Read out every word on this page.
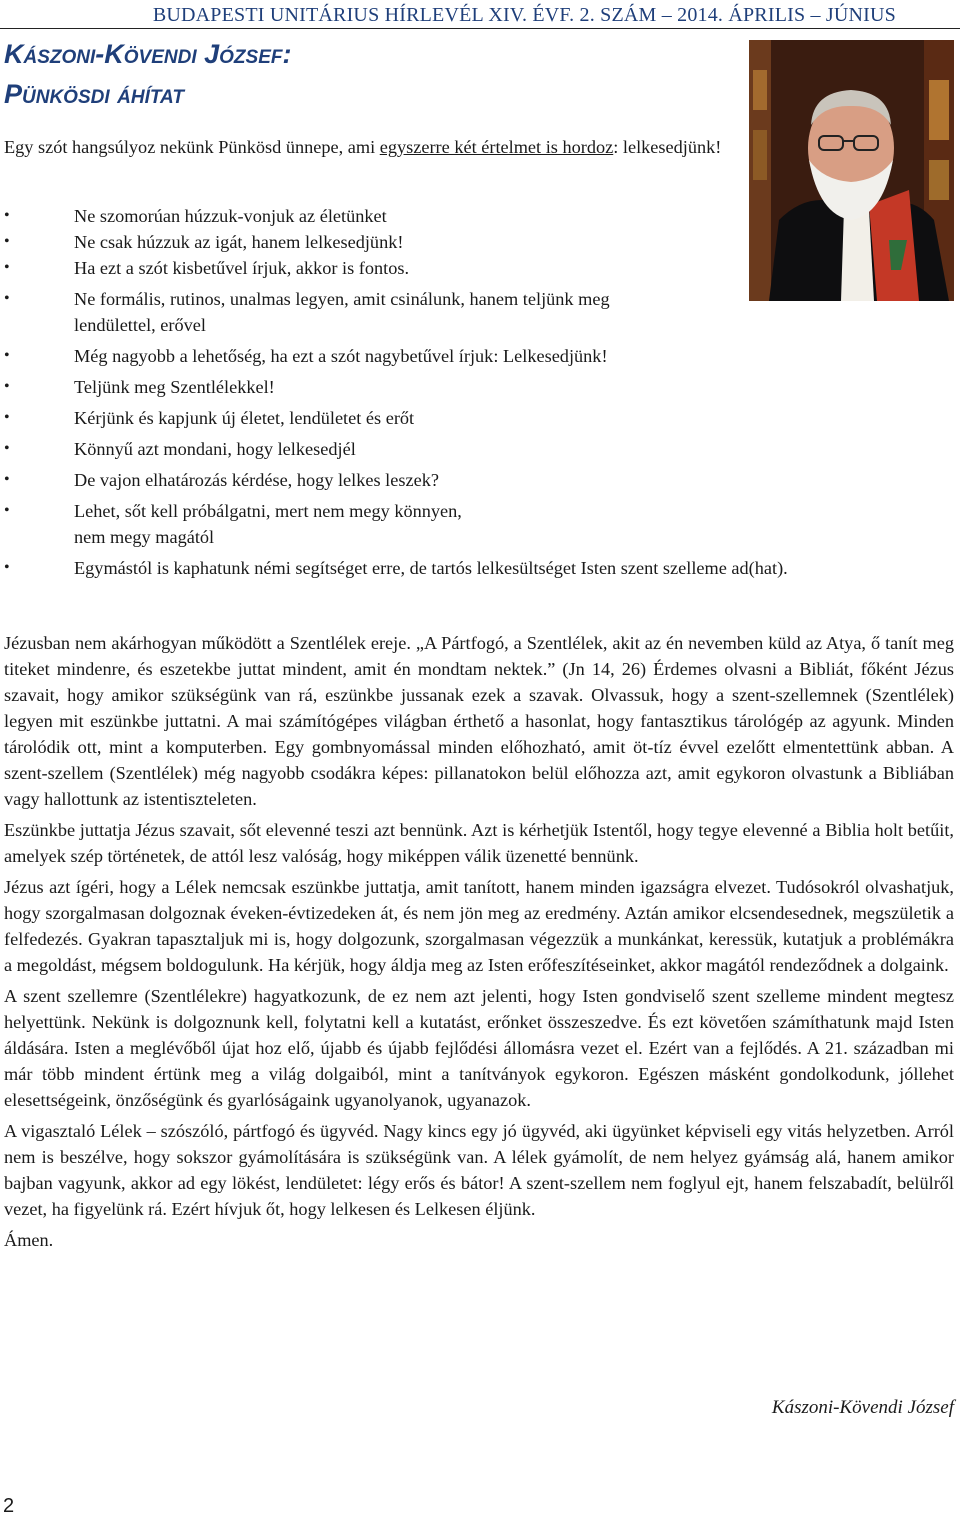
BUDAPESTI UNITÁRIUS HÍRLEVÉL XIV. ÉVF. 2. SZÁM – 2014. ÁPRILIS – JÚNIUS
Kászoni-Kövendi József:
Pünkösdi áhítat
Egy szót hangsúlyoz nekünk Pünkösd ünnepe, ami egyszerre két értelmet is hordoz: lelkesedjünk!
• Ne szomorúan húzzuk-vonjuk az életünket
• Ne csak húzzuk az igát, hanem lelkesedjünk!
• Ha ezt a szót kisbetűvel írjuk, akkor is fontos.
• Ne formális, rutinos, unalmas legyen, amit csinálunk, hanem teljünk meg lendülettel, erővel
• Még nagyobb a lehetőség, ha ezt a szót nagybetűvel írjuk: Lelkesedjünk!
• Teljünk meg Szentlélekkel!
• Kérjünk és kapjunk új életet, lendületet és erőt
• Könnyű azt mondani, hogy lelkesedjél
• De vajon elhatározás kérdése, hogy lelkes leszek?
• Lehet, sőt kell próbálgatni, mert nem megy könnyen, nem megy magától
• Egymástól is kaphatunk némi segítséget erre, de tartós lelkesültséget Isten szent szelleme ad(hat).

Jézusban nem akárhogyan működött a Szentlélek ereje. „A Pártfogó, a Szentlélek, akit az én nevemben küld az Atya, ő tanít meg titeket mindenre, és eszetekbe juttat mindent, amit én mondtam nektek.” (Jn 14, 26) Érdemes olvasni a Bibliát, főként Jézus szavait, hogy amikor szükségünk van rá, eszünkbe jussanak ezek a szavak. Olvassuk, hogy a szent-szellemnek (Szentlélek) legyen mit eszünkbe juttatni. A mai számítógépes világban érthető a hasonlat, hogy fantasztikus tárológép az agyunk. Minden tárolódik ott, mint a komputerben. Egy gombnyomással minden előhozható, amit öt-tíz évvel ezelőtt elmentettünk abban. A szent-szellem (Szentlélek) még nagyobb csodákra képes: pillanatokon belül előhozza azt, amit egykoron olvastunk a Bibliában vagy hallottunk az istentiszteleten.

Eszünkbe juttatja Jézus szavait, sőt elevenné teszi azt bennünk. Azt is kérhetjük Istentől, hogy tegye elevenné a Biblia holt betűit, amelyek szép történetek, de attól lesz valóság, hogy miképpen válik üzenetté bennünk.

Jézus azt ígéri, hogy a Lélek nemcsak eszünkbe juttatja, amit tanított, hanem minden igazságra elvezet. Tudósokról olvashatjuk, hogy szorgalmasan dolgoznak éveken-évtizedeken át, és nem jön meg az eredmény. Aztán amikor elcsendesednek, megszületik a felfedezés. Gyakran tapasztaljuk mi is, hogy dolgozunk, szorgalmasan végezzük a munkánkat, keressük, kutatjuk a problémákra a megoldást, mégsem boldogulunk. Ha kérjük, hogy áldja meg az Isten erőfeszítéseinket, akkor magától rendeződnek a dolgaink.

A szent szellemre (Szentlélekre) hagyatkozunk, de ez nem azt jelenti, hogy Isten gondviselő szent szelleme mindent megtesz helyettünk. Nekünk is dolgoznunk kell, folytatni kell a kutatást, erőnket összeszedve. És ezt követően számíthatunk majd Isten áldására. Isten a meglévőből újat hoz elő, újabb és újabb fejlődési állomásra vezet el. Ezért van a fejlődés. A 21. században mi már több mindent értünk meg a világ dolgaiból, mint a tanítványok egykoron. Egészen másként gondolkodunk, jóllehet elesettségeink, önzőségünk és gyarlóságaink ugyanolyanok, ugyanazok.

A vigasztaló Lélek – szószóló, pártfogó és ügyvéd. Nagy kincs egy jó ügyvéd, aki ügyünket képviseli egy vitás helyzetben. Arról nem is beszélve, hogy sokszor gyámolítására is szükségünk van. A lélek gyámolít, de nem helyez gyámság alá, hanem amikor bajban vagyunk, akkor ad egy lökést, lendületet: légy erős és bátor! A szent-szellem nem foglyul ejt, hanem felszabadít, belülről vezet, ha figyelünk rá. Ezért hívjuk őt, hogy lelkesen és Lelkesen éljünk.

Ámen.

Kászoni-Kövendi József
2
